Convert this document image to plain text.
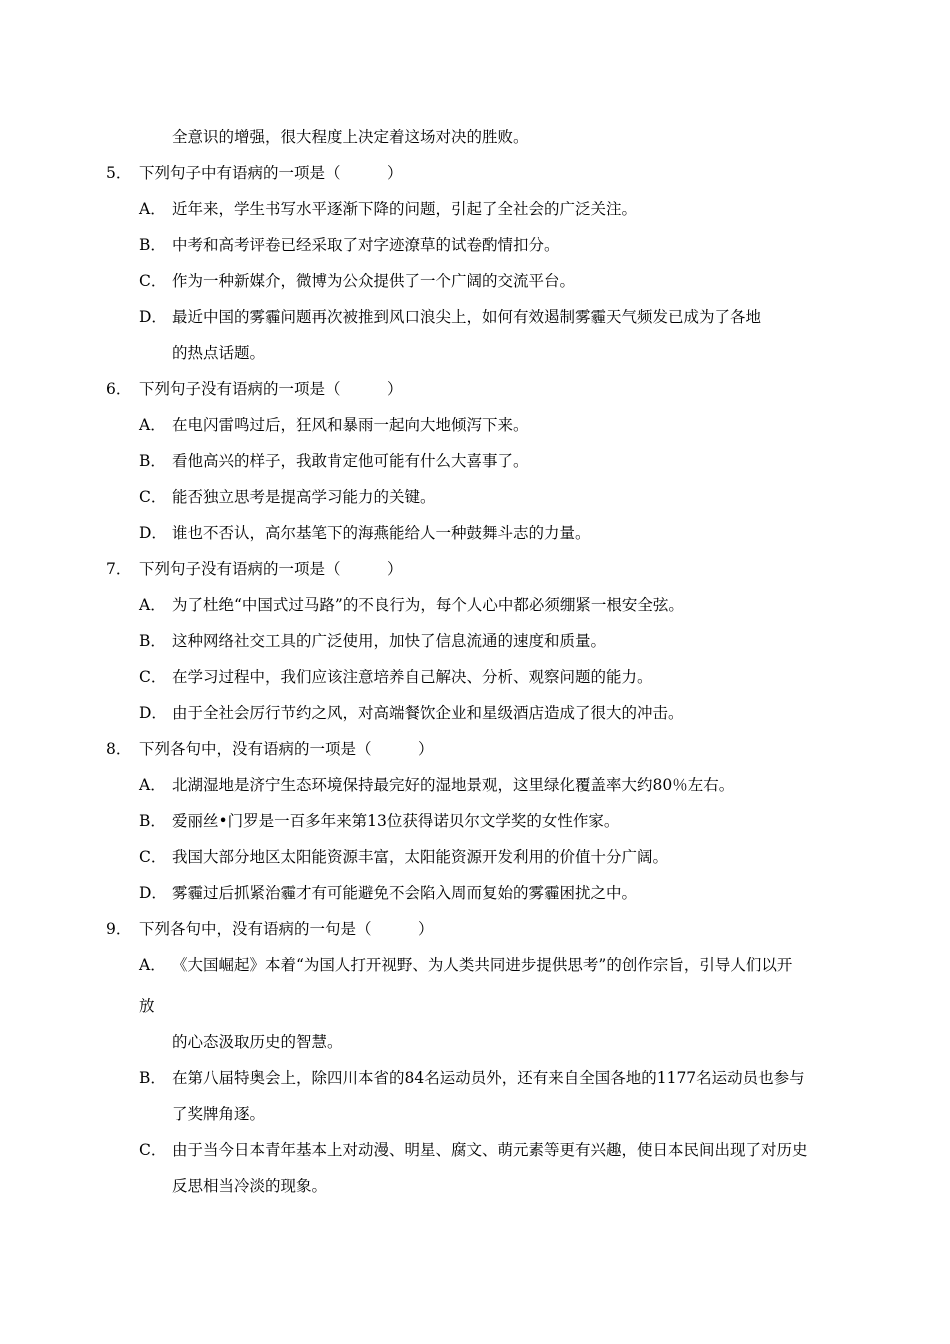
全意识的增强，很大程度上决定着这场对决的胜败。
5． 下列句子中有语病的一项是（　　　）
A． 近年来，学生书写水平逐渐下降的问题，引起了全社会的广泛关注。
B． 中考和高考评卷已经采取了对字迹潦草的试卷酌情扣分。
C． 作为一种新媒介，微博为公众提供了一个广阔的交流平台。
D． 最近中国的雾霾问题再次被推到风口浪尖上，如何有效遏制雾霾天气频发已成为了各地
的热点话题。
6． 下列句子没有语病的一项是（　　　）
A． 在电闪雷鸣过后，狂风和暴雨一起向大地倾泻下来。
B． 看他高兴的样子，我敢肯定他可能有什么大喜事了。
C． 能否独立思考是提高学习能力的关键。
D． 谁也不否认，高尔基笔下的海燕能给人一种鼓舞斗志的力量。
7． 下列句子没有语病的一项是（　　　）
A． 为了杜绝“中国式过马路”的不良行为，每个人心中都必须绷紧一根安全弦。
B． 这种网络社交工具的广泛使用，加快了信息流通的速度和质量。
C． 在学习过程中，我们应该注意培养自己解决、分析、观察问题的能力。
D． 由于全社会厉行节约之风，对高端餐饮企业和星级酒店造成了很大的冲击。
8． 下列各句中，没有语病的一项是（　　　）
A． 北湖湿地是济宁生态环境保持最完好的湿地景观，这里绿化覆盖率大约80％左右。
B． 爱丽丝•门罗是一百多年来第13位获得诺贝尔文学奖的女性作家。
C． 我国大部分地区太阳能资源丰富，太阳能资源开发利用的价值十分广阔。
D． 雾霾过后抓紧治霾才有可能避免不会陷入周而复始的雾霾困扰之中。
9． 下列各句中，没有语病的一句是（　　　）
A． 《大国崛起》本着“为国人打开视野、为人类共同进步提供思考”的创作宗旨，引导人们以开
放
的心态汲取历史的智慧。
B． 在第八届特奥会上，除四川本省的84名运动员外，还有来自全国各地的1177名运动员也参与
了奖牌角逐。
C． 由于当今日本青年基本上对动漫、明星、腐文、萌元素等更有兴趣，使日本民间出现了对历史
反思相当冷淡的现象。
